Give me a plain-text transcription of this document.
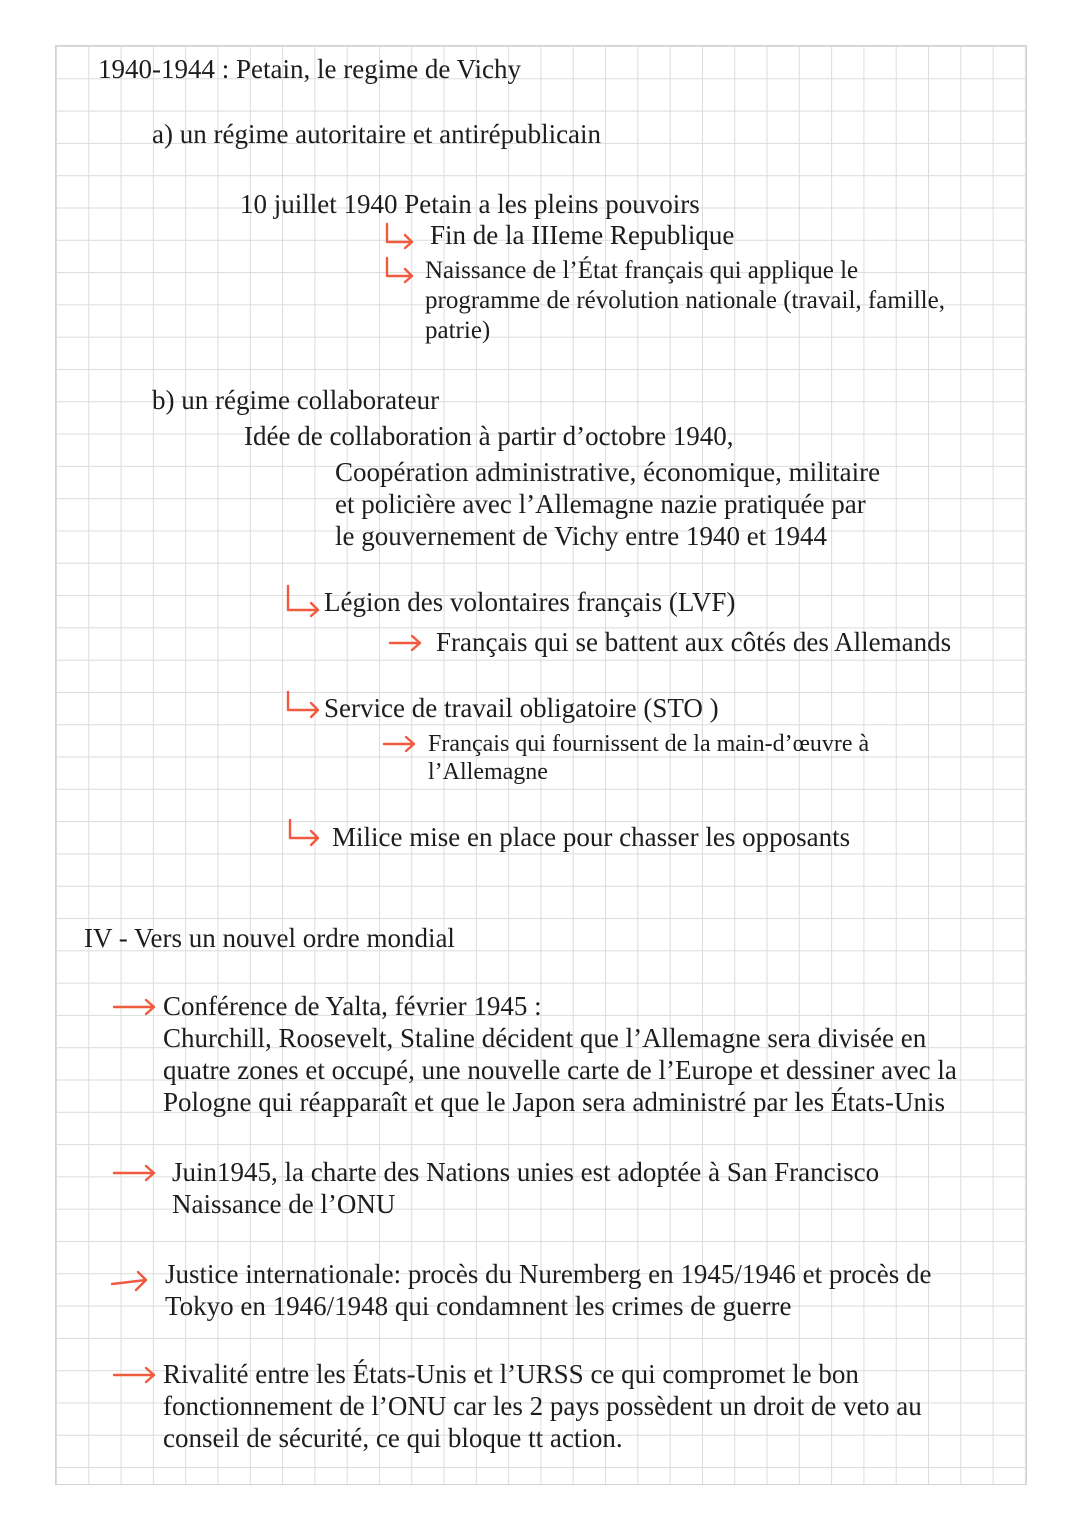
1940-1944 : Petain, le regime de Vichy
a) un régime autoritaire et antirépublicain
10 juillet 1940 Petain a les pleins pouvoirs
Fin de la IIIeme Republique
Naissance de l’État français qui applique le
programme de révolution nationale (travail, famille,
patrie)
b) un régime collaborateur
Idée de collaboration à partir d’octobre 1940,
Coopération administrative, économique, militaire
et policière avec l’Allemagne nazie pratiquée par
le gouvernement de Vichy entre 1940 et 1944
Légion des volontaires français (LVF)
Français qui se battent aux côtés des Allemands
Service de travail obligatoire (STO )
Français qui fournissent de la main-d’œuvre à
l’Allemagne
Milice mise en place pour chasser les opposants
IV - Vers un nouvel ordre mondial
Conférence de Yalta, février 1945 :
Churchill, Roosevelt, Staline décident que l’Allemagne sera divisée en
quatre zones et occupé, une nouvelle carte de l’Europe et dessiner avec la
Pologne qui réapparaît et que le Japon sera administré par les États-Unis
Juin1945, la charte des Nations unies est adoptée à San Francisco
Naissance de l’ONU
Justice internationale: procès du Nuremberg en 1945/1946 et procès de
Tokyo en 1946/1948 qui condamnent les crimes de guerre
Rivalité entre les États-Unis et l’URSS ce qui compromet le bon
fonctionnement de l’ONU car les 2 pays possèdent un droit de veto au
conseil de sécurité, ce qui bloque tt action.
